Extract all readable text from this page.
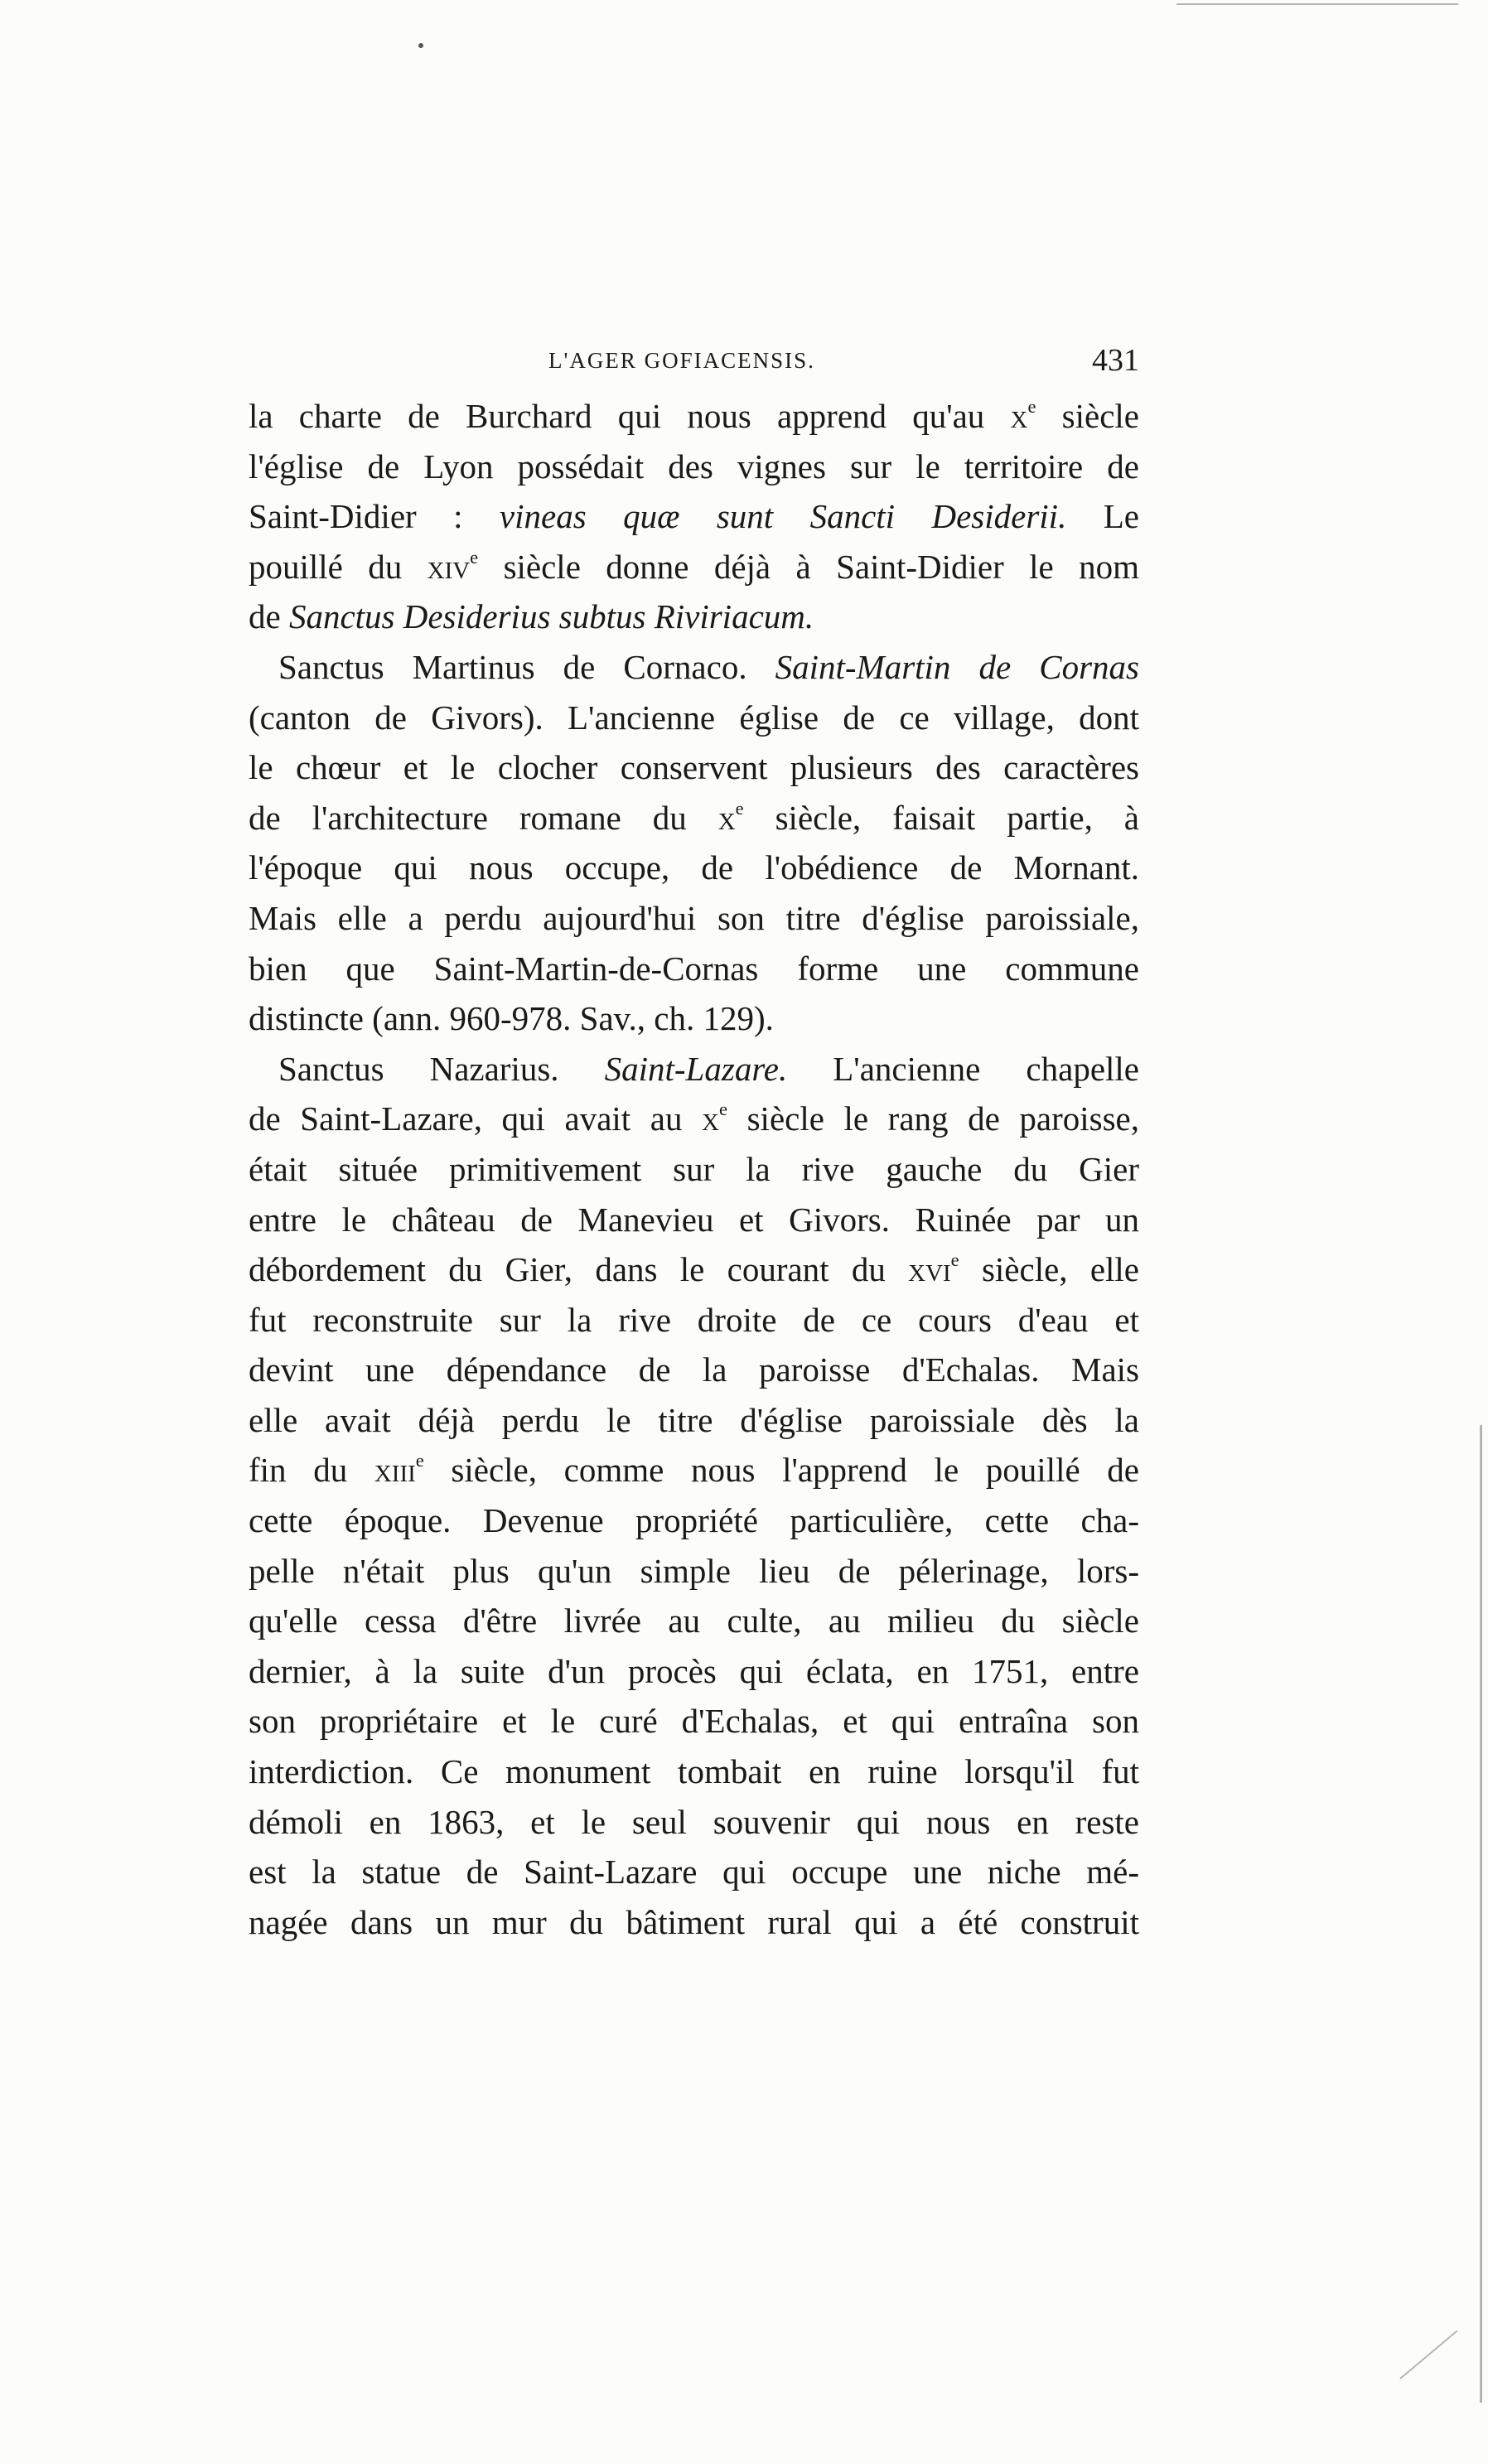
L'AGER GOFIACENSIS.	431
la charte de Burchard qui nous apprend qu'au $x^e$ siècle
l'église de Lyon possédait des vignes sur le territoire de
Saint-Didier : vineas quæ sunt Sancti Desiderii. Le
pouillé du xiv$^e$ siècle donne déjà à Saint-Didier le nom
de Sanctus Desiderius subtus Riviriacum.
Sanctus Martinus de Cornaco. Saint-Martin de Cornas
(canton de Givors). L'ancienne église de ce village, dont
le chœur et le clocher conservent plusieurs des caractères
de l'architecture romane du $x^e$ siècle, faisait partie, à
l'époque qui nous occupe, de l'obédience de Mornant.
Mais elle a perdu aujourd'hui son titre d'église paroissiale,
bien que Saint-Martin-de-Cornas forme une commune
distincte (ann. 960-978. Sav., ch. 129).
Sanctus Nazarius. Saint-Lazare. L'ancienne chapelle
de Saint-Lazare, qui avait au $x^e$ siècle le rang de paroisse,
était située primitivement sur la rive gauche du Gier
entre le château de Manevieu et Givors. Ruinée par un
débordement du Gier, dans le courant du xvi$^e$ siècle, elle
fut reconstruite sur la rive droite de ce cours d'eau et
devint une dépendance de la paroisse d'Echalas. Mais
elle avait déjà perdu le titre d'église paroissiale dès la
fin du xiii$^e$ siècle, comme nous l'apprend le pouillé de
cette époque. Devenue propriété particulière, cette cha-
pelle n'était plus qu'un simple lieu de pélerinage, lors-
qu'elle cessa d'être livrée au culte, au milieu du siècle
dernier, à la suite d'un procès qui éclata, en 1751, entre
son propriétaire et le curé d'Echalas, et qui entraîna son
interdiction. Ce monument tombait en ruine lorsqu'il fut
démoli en 1863, et le seul souvenir qui nous en reste
est la statue de Saint-Lazare qui occupe une niche mé-
nagée dans un mur du bâtiment rural qui a été construit
